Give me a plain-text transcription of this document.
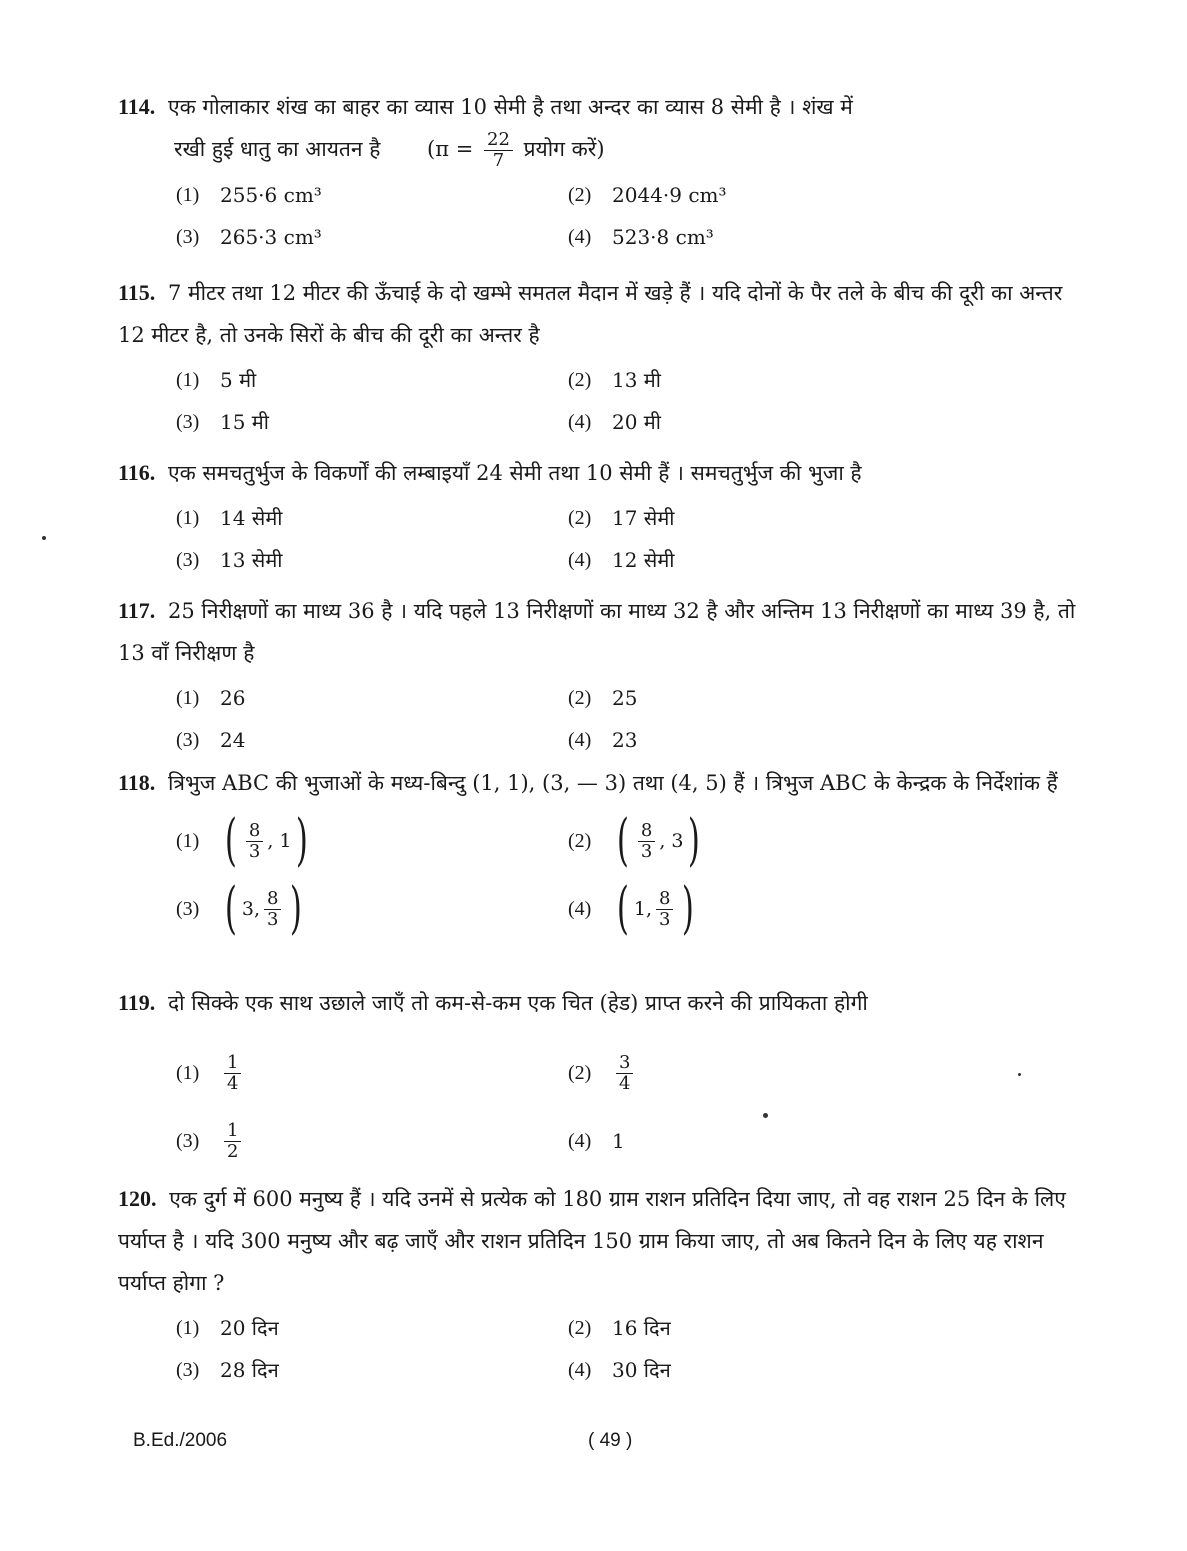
114. एक गोलाकार शंख का बाहर का व्यास 10 सेमी है तथा अन्दर का व्यास 8 सेमी है । शंख में
रखी हुई धातु का आयतन है ($\pi = \frac{22}{7}$ प्रयोग करें)
(1)	255·6 cm³	(2)	2044·9 cm³
(3)	265·3 cm³	(4)	523·8 cm³
115. 7 मीटर तथा 12 मीटर की ऊँचाई के दो खम्भे समतल मैदान में खड़े हैं । यदि दोनों के पैर तले के बीच की दूरी का अन्तर 12 मीटर है, तो उनके सिरों के बीच की दूरी का अन्तर है
(1)	5 मी	(2)	13 मी
(3)	15 मी	(4)	20 मी
116. एक समचतुर्भुज के विकर्णों की लम्बाइयाँ 24 सेमी तथा 10 सेमी हैं । समचतुर्भुज की भुजा है
(1)	14 सेमी	(2)	17 सेमी
(3)	13 सेमी	(4)	12 सेमी
117. 25 निरीक्षणों का माध्य 36 है । यदि पहले 13 निरीक्षणों का माध्य 32 है और अन्तिम 13 निरीक्षणों का माध्य 39 है, तो 13 वाँ निरीक्षण है
(1)	26	(2)	25
(3)	24	(4)	23
118. त्रिभुज ABC की भुजाओं के मध्य-बिन्दु (1, 1), (3, — 3) तथा (4, 5) हैं । त्रिभुज ABC के केन्द्रक के निर्देशांक हैं
(1) ( $\frac{8}{3}$ , 1 )	(2) ( $\frac{8}{3}$ , 3 )
(3) ( 3, $\frac{8}{3}$ )	(4) ( 1, $\frac{8}{3}$ )
119. दो सिक्के एक साथ उछाले जाएँ तो कम-से-कम एक चित (हेड) प्राप्त करने की प्रायिकता होगी
(1)	$\frac{1}{4}$	(2)	$\frac{3}{4}$
(3)	$\frac{1}{2}$	(4)	1
120. एक दुर्ग में 600 मनुष्य हैं । यदि उनमें से प्रत्येक को 180 ग्राम राशन प्रतिदिन दिया जाए, तो वह राशन 25 दिन के लिए पर्याप्त है । यदि 300 मनुष्य और बढ़ जाएँ और राशन प्रतिदिन 150 ग्राम किया जाए, तो अब कितने दिन के लिए यह राशन पर्याप्त होगा ?
(1)	20 दिन	(2)	16 दिन
(3)	28 दिन	(4)	30 दिन
B.Ed./2006	( 49 )
